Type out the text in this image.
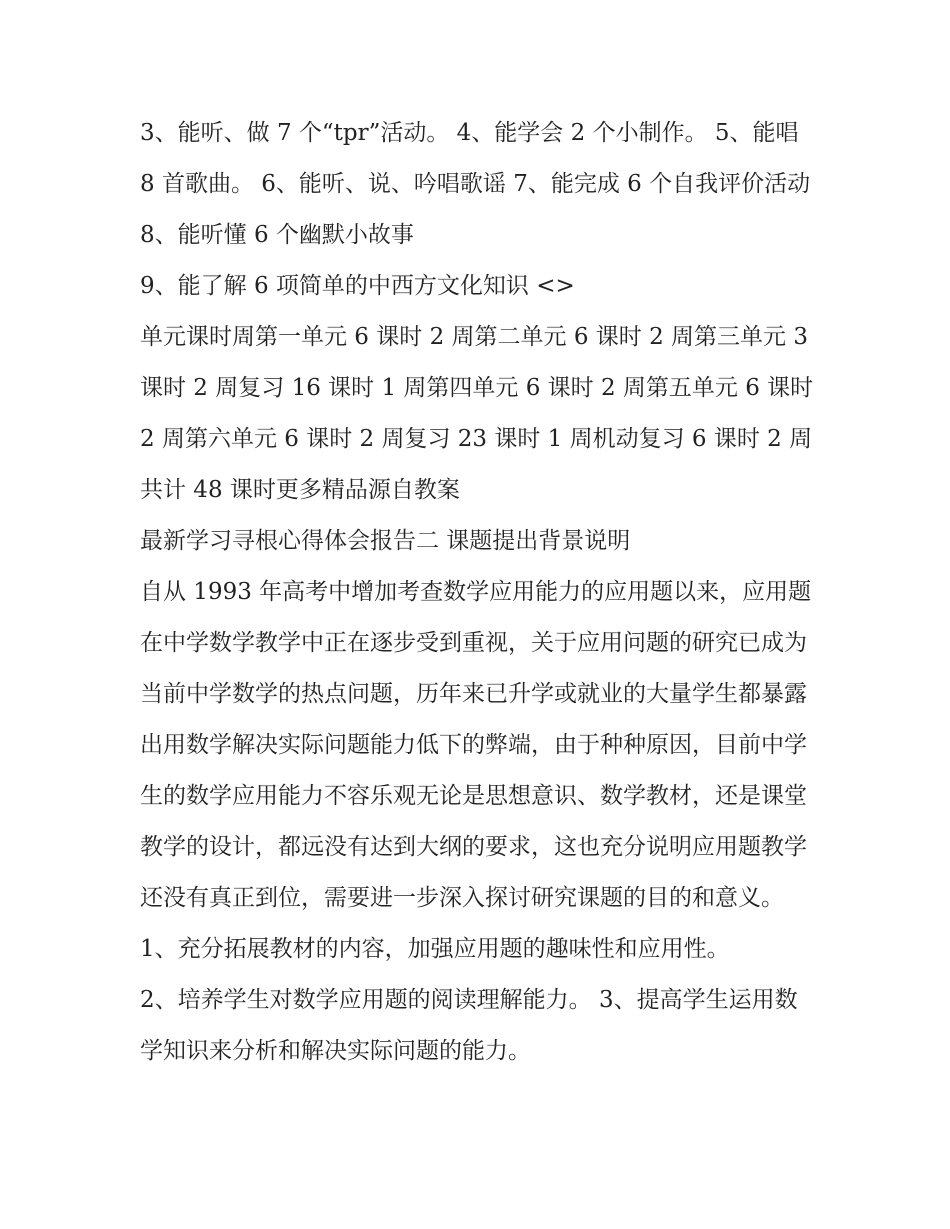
3、能听、做 7 个“tpr”活动。 4、能学会 2 个小制作。 5、能唱 8 首歌曲。 6、能听、说、吟唱歌谣 7、能完成 6 个自我评价活动 8、能听懂 6 个幽默小故事

9、能了解 6 项简单的中西方文化知识 <>

单元课时周第一单元 6 课时 2 周第二单元 6 课时 2 周第三单元 3 课时 2 周复习 16 课时 1 周第四单元 6 课时 2 周第五单元 6 课时 2 周第六单元 6 课时 2 周复习 23 课时 1 周机动复习 6 课时 2 周共计 48 课时更多精品源自教案

最新学习寻根心得体会报告二 课题提出背景说明

自从 1993 年高考中增加考查数学应用能力的应用题以来，应用题在中学数学教学中正在逐步受到重视，关于应用问题的研究已成为当前中学数学的热点问题，历年来已升学或就业的大量学生都暴露出用数学解决实际问题能力低下的弊端，由于种种原因，目前中学生的数学应用能力不容乐观无论是思想意识、数学教材，还是课堂教学的设计，都远没有达到大纲的要求，这也充分说明应用题教学还没有真正到位，需要进一步深入探讨研究课题的目的和意义。

1、充分拓展教材的内容，加强应用题的趣味性和应用性。

2、培养学生对数学应用题的阅读理解能力。 3、提高学生运用数学知识来分析和解决实际问题的能力。
